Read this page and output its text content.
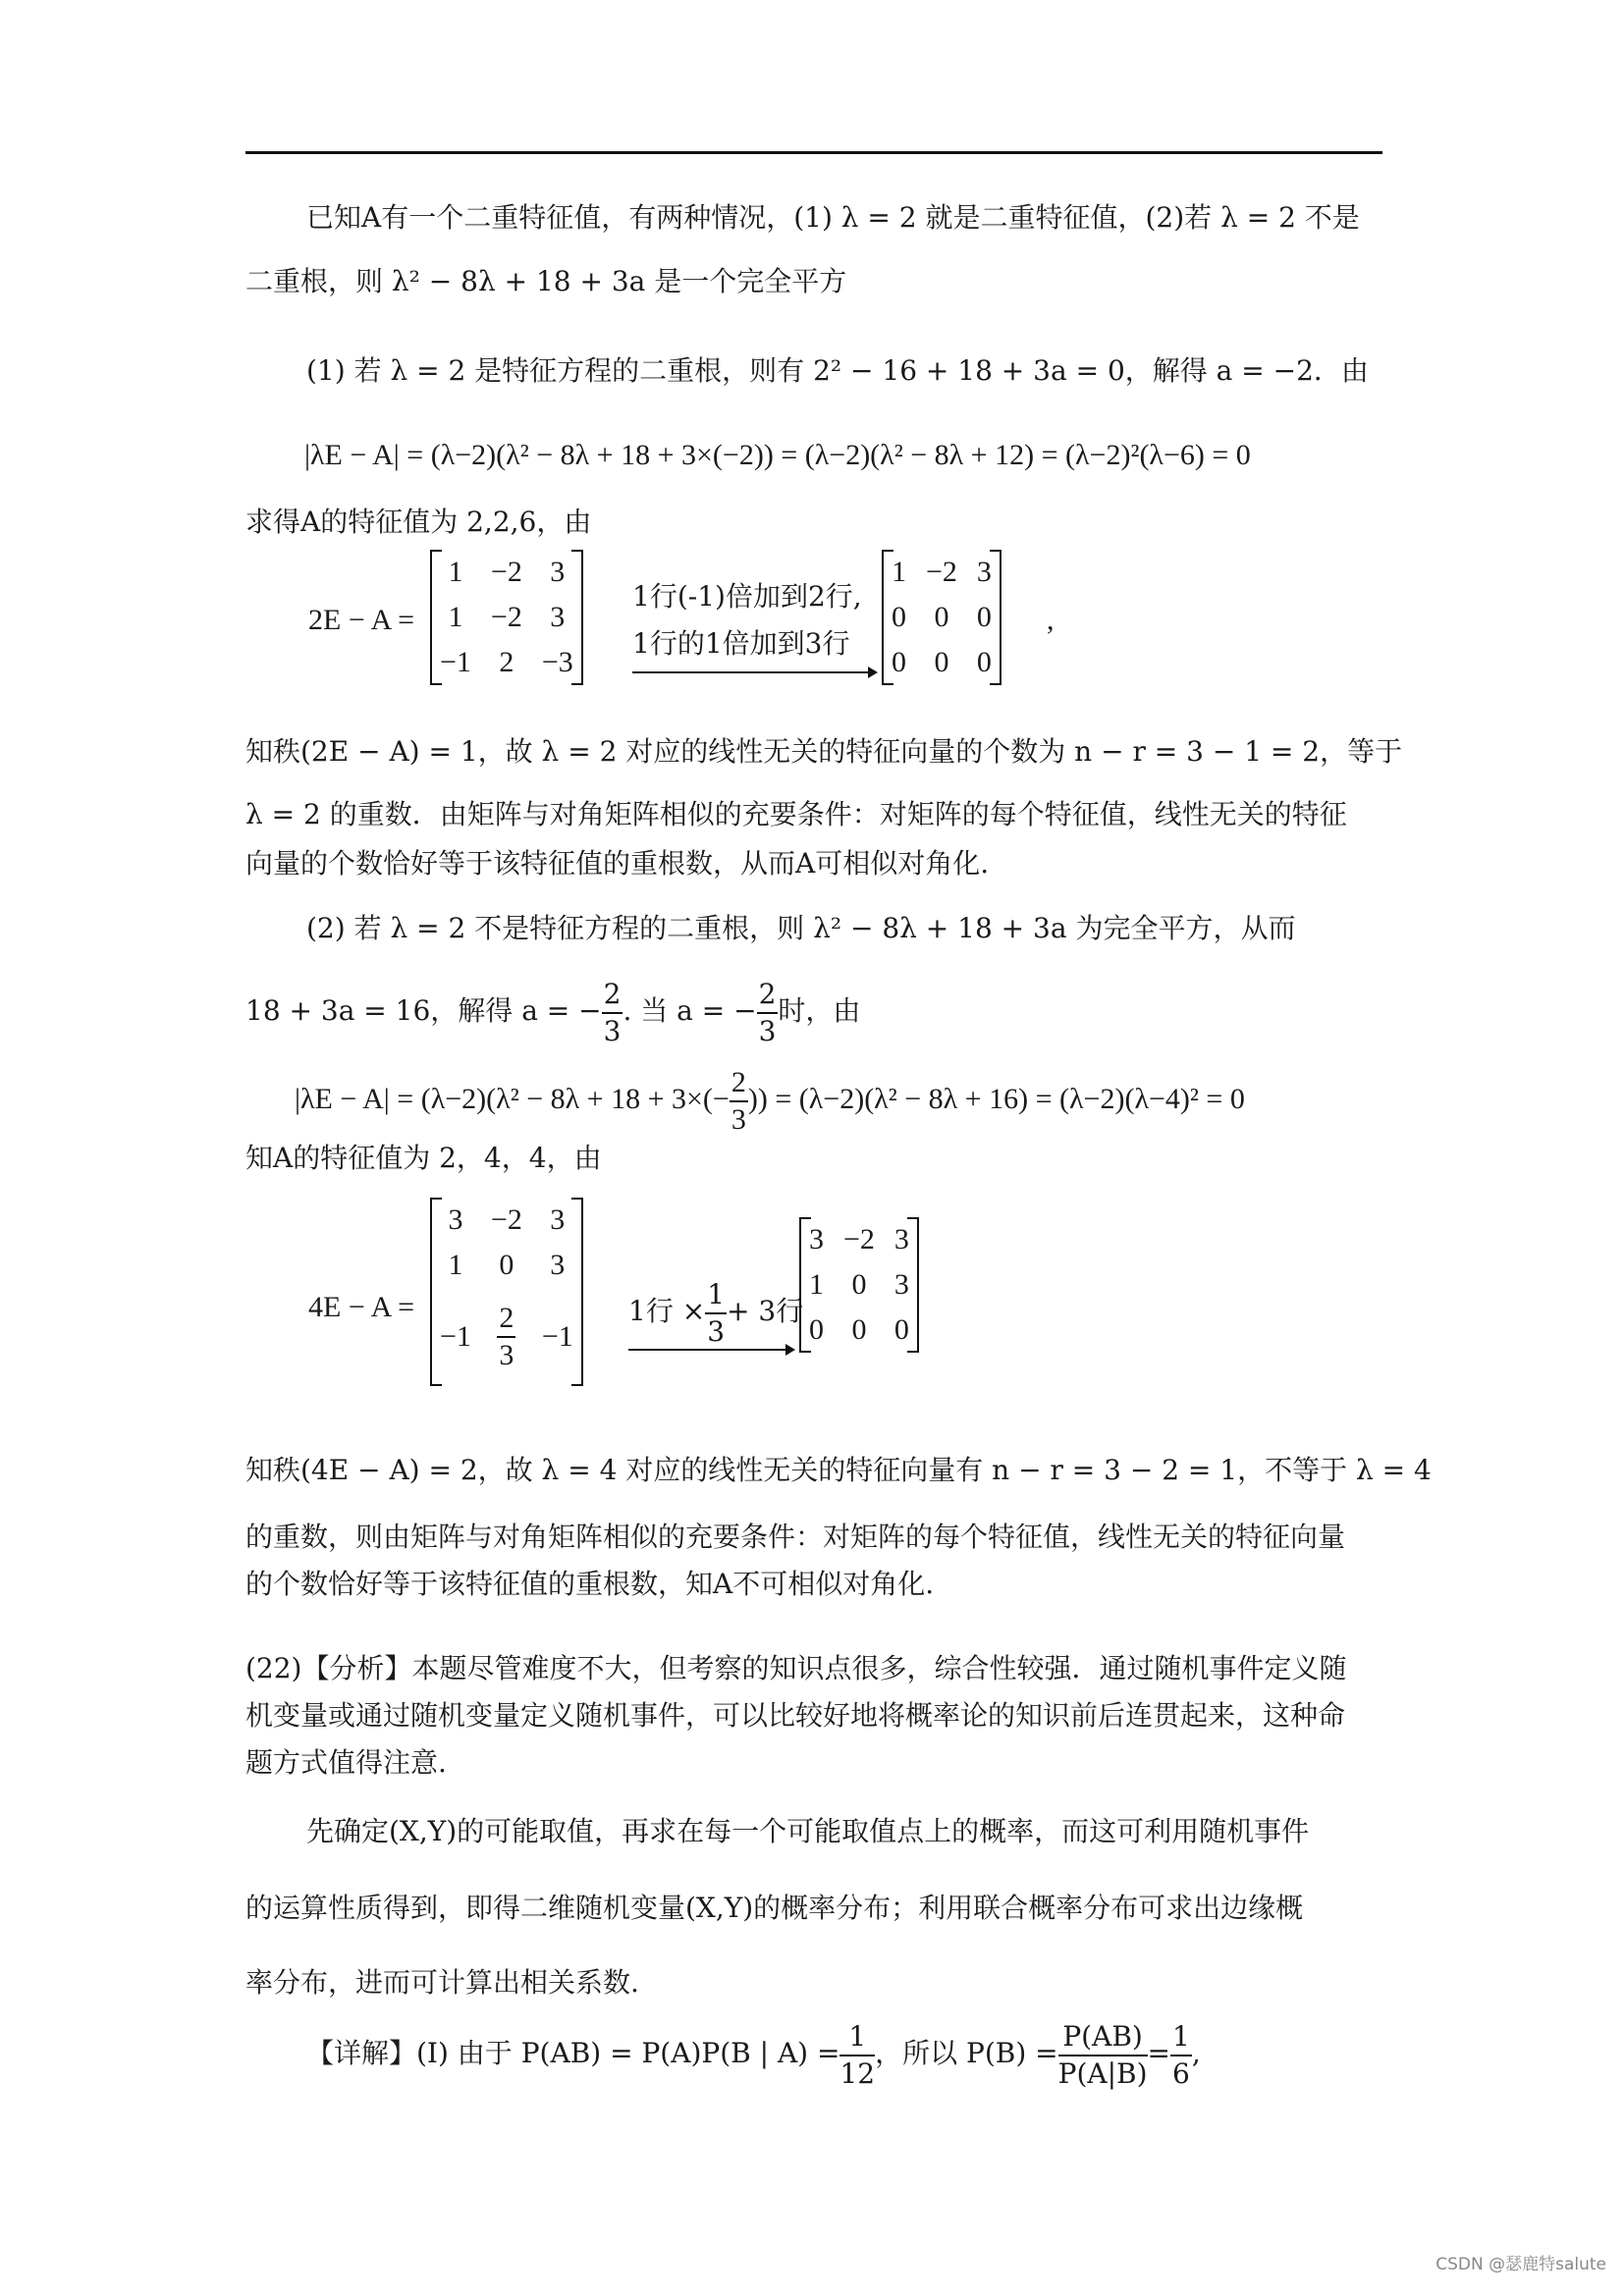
已知A有一个二重特征值，有两种情况，(1) λ = 2 就是二重特征值，(2)若 λ = 2 不是
二重根，则 λ² − 8λ + 18 + 3a 是一个完全平方
(1) 若 λ = 2 是特征方程的二重根，则有 2² − 16 + 18 + 3a = 0，解得 a = −2．由
|λE − A| = (λ−2)(λ² − 8λ + 18 + 3×(−2)) = (λ−2)(λ² − 8λ + 12) = (λ−2)²(λ−6) = 0
求得A的特征值为 2,2,6，由
2E − A =
1	−2	3
1	−2	3
−1	2	−3
1行(-1)倍加到2行,
1行的1倍加到3行
1	−2	3
0	0	0
0	0	0
,
知秩(2E − A) = 1，故 λ = 2 对应的线性无关的特征向量的个数为 n − r = 3 − 1 = 2，等于
λ = 2 的重数．由矩阵与对角矩阵相似的充要条件：对矩阵的每个特征值，线性无关的特征
向量的个数恰好等于该特征值的重根数，从而A可相似对角化.
(2) 若 λ = 2 不是特征方程的二重根，则 λ² − 8λ + 18 + 3a 为完全平方，从而
18 + 3a = 16，解得 a = − $\frac{2}{3}$ . 当 a = − $\frac{2}{3}$ 时，由
$|\lambda E - A| = (\lambda-2)(\lambda^2 - 8\lambda + 18 + 3\times(- \frac{2}{3}$ )) = (λ−2)(λ² − 8λ + 16) = (λ−2)(λ−4)² = 0
知A的特征值为 2，4，4，由
4E − A =
3	−2	3
1	0	3
−1	$\frac{2}{3}$	−1
1行 × $\frac{1}{3} + 3$行
3	−2	3
1	0	3
0	0	0
知秩(4E − A) = 2，故 λ = 4 对应的线性无关的特征向量有 n − r = 3 − 2 = 1，不等于 λ = 4
的重数，则由矩阵与对角矩阵相似的充要条件：对矩阵的每个特征值，线性无关的特征向量
的个数恰好等于该特征值的重根数，知A不可相似对角化.
(22)【分析】本题尽管难度不大，但考察的知识点很多，综合性较强．通过随机事件定义随
机变量或通过随机变量定义随机事件，可以比较好地将概率论的知识前后连贯起来，这种命
题方式值得注意.
先确定(X,Y)的可能取值，再求在每一个可能取值点上的概率，而这可利用随机事件
的运算性质得到，即得二维随机变量(X,Y)的概率分布；利用联合概率分布可求出边缘概
率分布，进而可计算出相关系数.
【详解】(I) 由于 P(AB) = P(A)P(B | $A) = \frac{1}{12}$ ，所以 $P(B) = \frac{P(AB)}{P(A|B)} = \frac{1}{6}$ ,
CSDN @瑟鹿特salute
